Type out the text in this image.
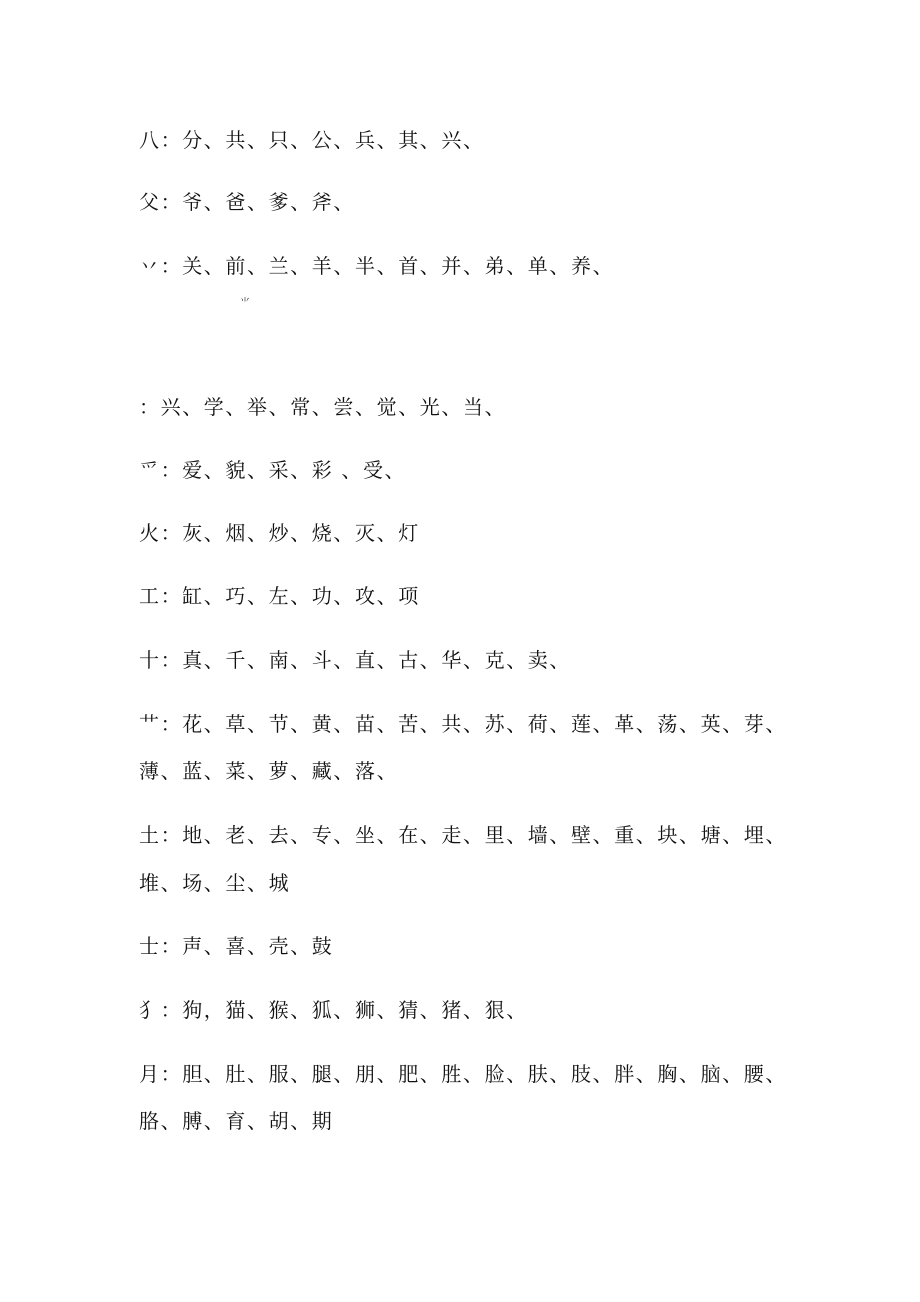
八：分、共、只、公、兵、其、兴、
父：爷、爸、爹、斧、
丷：关、前、兰、羊、半、首、并、弟、单、养、
⺌
：兴、学、举、常、尝、觉、光、当、
爫：爱、貌、采、彩 、受、
火：灰、烟、炒、烧、灭、灯
工：缸、巧、左、功、攻、项
十：真、千、南、斗、直、古、华、克、卖、
艹：花、草、节、黄、苗、苦、共、苏、荷、莲、革、荡、英、芽、
薄、蓝、菜、萝、藏、落、
土：地、老、去、专、坐、在、走、里、墙、壁、重、块、塘、埋、
堆、场、尘、城
士：声、喜、壳、鼓
犭：狗，猫、猴、狐、狮、猜、猪、狠、
月：胆、肚、服、腿、朋、肥、胜、脸、肤、肢、胖、胸、脑、腰、
胳、膊、育、胡、期
